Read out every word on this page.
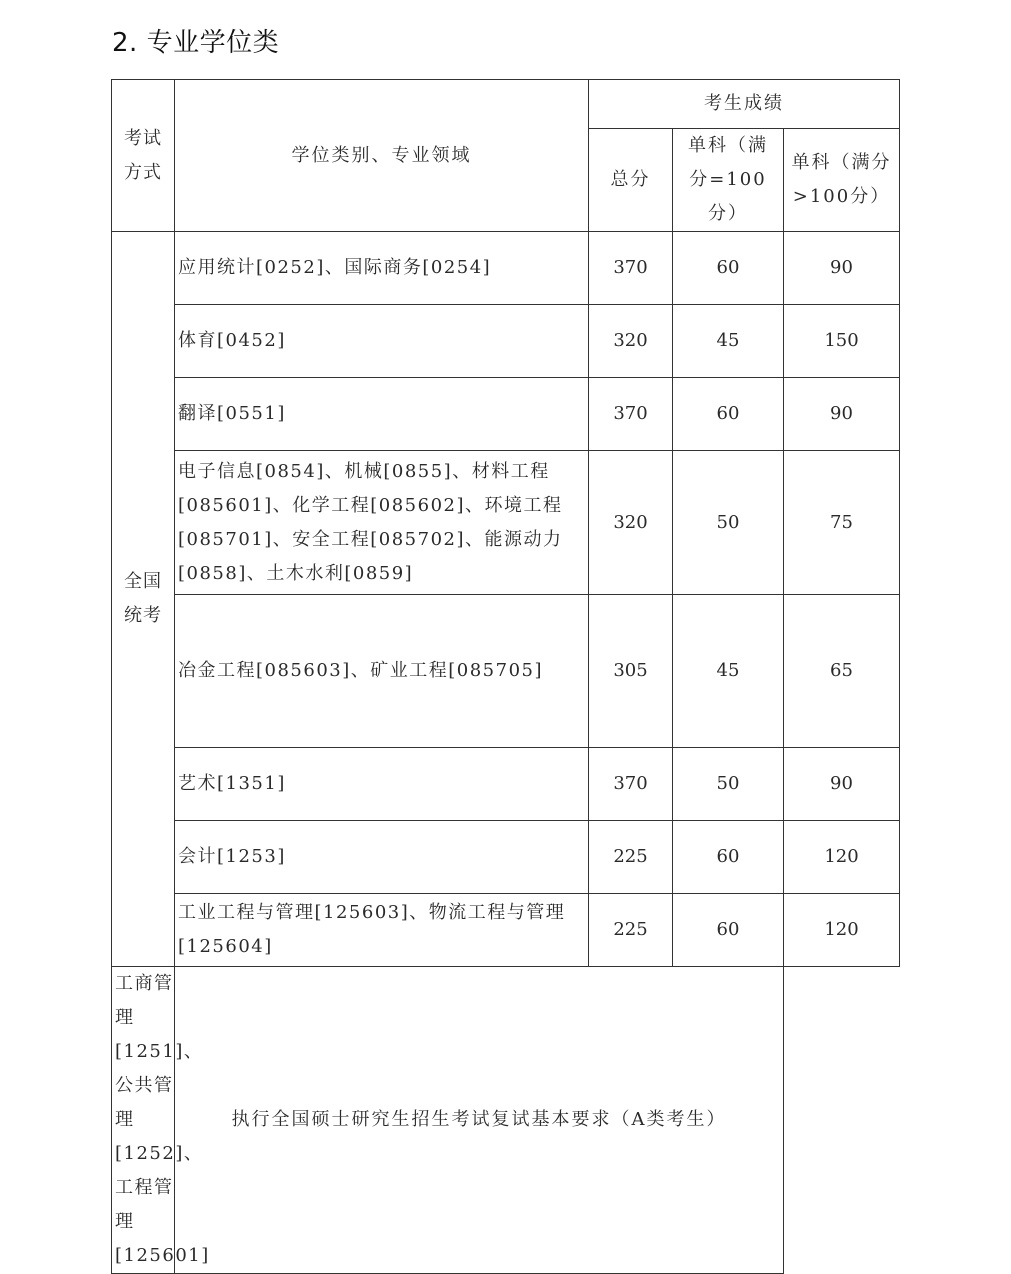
2. 专业学位类
考试方式	学位类别、专业领域	考生成绩		
		总分	单科（满分=100分）	单科（满分>100分）
全国统考	应用统计[0252]、国际商务[0254]	370	60	90
	体育[0452]	320	45	150
	翻译[0551]	370	60	90
	电子信息[0854]、机械[0855]、材料工程[085601]、化学工程[085602]、环境工程[085701]、安全工程[085702]、能源动力[0858]、土木水利[0859]	320	50	75
	冶金工程[085603]、矿业工程[085705]	305	45	65
	艺术[1351]	370	50	90
	会计[1253]	225	60	120
	工业工程与管理[125603]、物流工程与管理[125604]	225	60	120
工商管理[1251]、公共管理[1252]、工程管理[125601]	执行全国硕士研究生招生考试复试基本要求（A类考生）			
